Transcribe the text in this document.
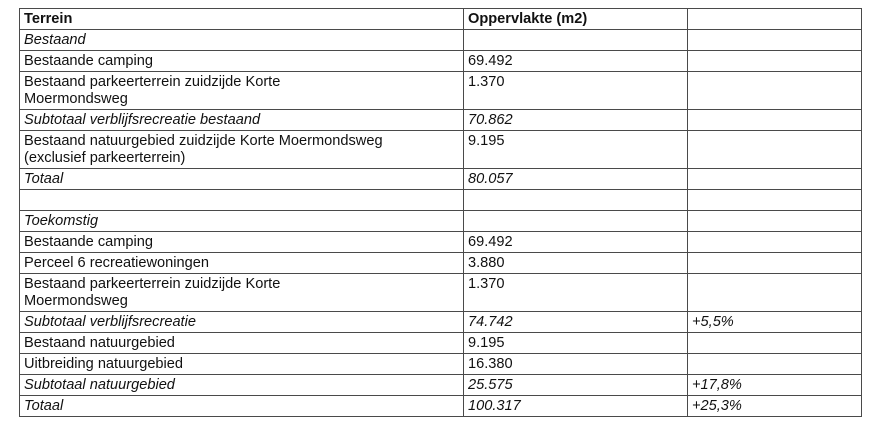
Terrein	Oppervlakte (m2)	
Bestaand		
Bestaande camping	69.492	
Bestaand parkeerterrein zuidzijde Korte
Moermondsweg	1.370	
Subtotaal verblijfsrecreatie bestaand	70.862	
Bestaand natuurgebied zuidzijde Korte Moermondsweg
(exclusief parkeerterrein)	9.195	
Totaal	80.057	

Toekomstig		
Bestaande camping	69.492	
Perceel 6 recreatiewoningen	3.880	
Bestaand parkeerterrein zuidzijde Korte
Moermondsweg	1.370	
Subtotaal verblijfsrecreatie	74.742	+5,5%
Bestaand natuurgebied	9.195	
Uitbreiding natuurgebied	16.380	
Subtotaal natuurgebied	25.575	+17,8%
Totaal	100.317	+25,3%
